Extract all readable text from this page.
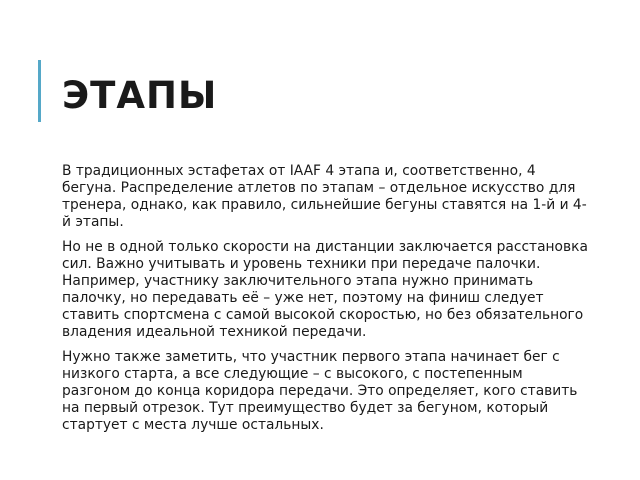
ЭТАПЫ

В традиционных эстафетах от IAAF 4 этапа и, соответственно, 4 бегуна. Распределение атлетов по этапам – отдельное искусство для тренера, однако, как правило, сильнейшие бегуны ставятся на 1-й и 4-й этапы.

Но не в одной только скорости на дистанции заключается расстановка сил. Важно учитывать и уровень техники при передаче палочки. Например, участнику заключительного этапа нужно принимать палочку, но передавать её – уже нет, поэтому на финиш следует ставить спортсмена с самой высокой скоростью, но без обязательного владения идеальной техникой передачи.

Нужно также заметить, что участник первого этапа начинает бег с низкого старта, а все следующие – с высокого, с постепенным разгоном до конца коридора передачи. Это определяет, кого ставить на первый отрезок. Тут преимущество будет за бегуном, который стартует с места лучше остальных.
